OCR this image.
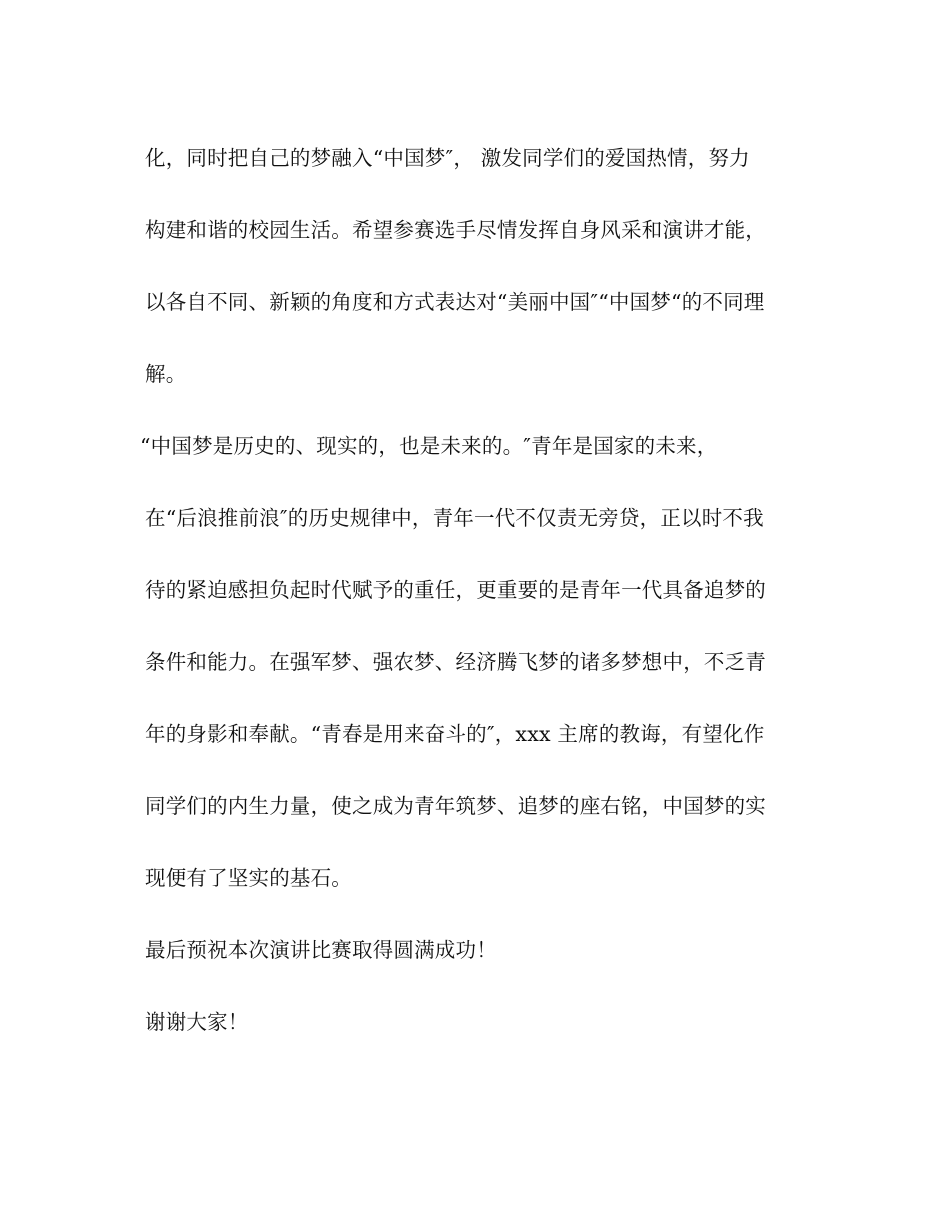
化，同时把自己的梦融入“中国梦″， 激发同学们的爱国热情，努力
构建和谐的校园生活。希望参赛选手尽情发挥自身风采和演讲才能，
以各自不同、新颖的角度和方式表达对“美丽中国″“中国梦“的不同理
解。
“中国梦是历史的、现实的，也是未来的。″青年是国家的未来，
在“后浪推前浪″的历史规律中，青年一代不仅责无旁贷，正以时不我
待的紧迫感担负起时代赋予的重任，更重要的是青年一代具备追梦的
条件和能力。在强军梦、强农梦、经济腾飞梦的诸多梦想中，不乏青
年的身影和奉献。“青春是用来奋斗的″，xxx 主席的教诲，有望化作
同学们的内生力量，使之成为青年筑梦、追梦的座右铭，中国梦的实
现便有了坚实的基石。
最后预祝本次演讲比赛取得圆满成功！
谢谢大家！
